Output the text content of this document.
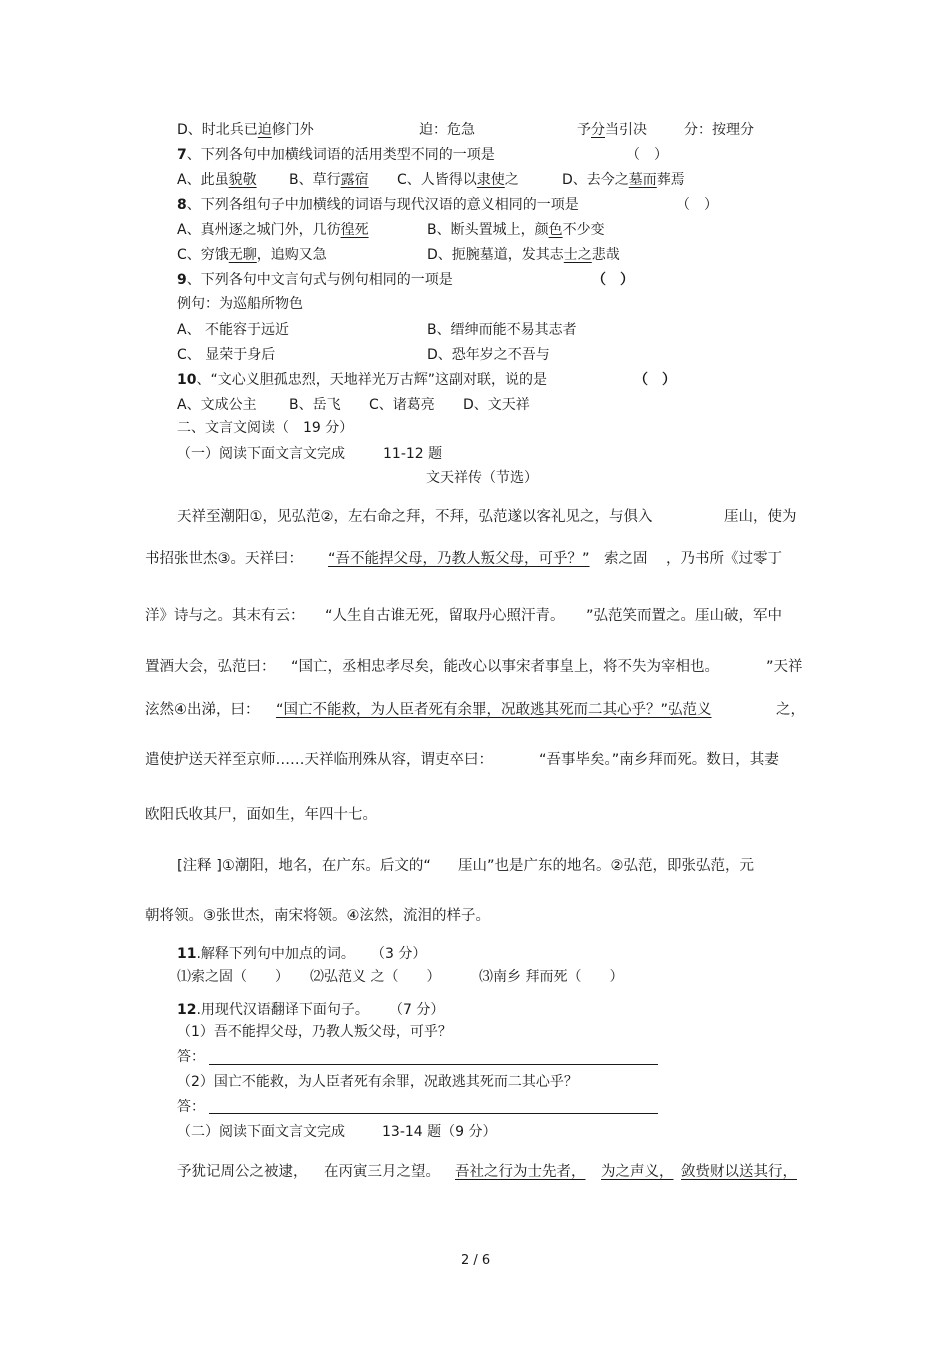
D、时北兵已迫修门外	迫：危急	予分当引决	分：按理分
7、下列各句中加横线词语的活用类型不同的一项是	（　）
A、此虽貌敬 B、草行露宿 C、人皆得以隶使之	D、去今之墓而葬焉
8、下列各组句子中加横线的词语与现代汉语的意义相同的一项是	（　）
A、真州逐之城门外，几彷徨死	B、断头置城上，颜色不少变
C、穷饿无聊，追购又急	D、扼腕墓道，发其志士之悲哉
9、下列各句中文言句式与例句相同的一项是	（　）
例句：为巡船所物色
A、 不能容于远近	B、缙绅而能不易其志者
C、 显荣于身后	D、恐年岁之不吾与
10、“文心义胆孤忠烈，天地祥光万古辉”这副对联，说的是	（　）
A、文成公主 B、岳飞 C、诸葛亮 D、文天祥
二、文言文阅读（　19 分）
（一）阅读下面文言文完成	11-12 题
文天祥传（节选）
天祥至潮阳①，见弘范②，左右命之拜，不拜，弘范遂以客礼见之，与俱入	厓山，使为
书招张世杰③。天祥曰： “吾不能捍父母，乃教人叛父母，可乎？” 索之固 ，乃书所《过零丁
洋》诗与之。其末有云： “人生自古谁无死，留取丹心照汗青。 ”弘范笑而置之。厓山破，军中
置酒大会，弘范曰： “国亡，丞相忠孝尽矣，能改心以事宋者事皇上，将不失为宰相也。	”天祥
泫然④出涕，曰： “国亡不能救，为人臣者死有余罪，况敢逃其死而二其心乎？”弘范义	之，
遣使护送天祥至京师……天祥临刑殊从容，谓吏卒曰：	“吾事毕矣。”南乡拜而死。数日，其妻
欧阳氏收其尸，面如生，年四十七。
[注释 ]①潮阳，地名，在广东。后文的“ 厓山”也是广东的地名。②弘范，即张弘范，元
朝将领。③张世杰，南宋将领。④泫然，流泪的样子。
11.解释下列句中加点的词。 （3 分）
⑴索之固（　　） ⑵弘范义 之（　　）	⑶南乡 拜而死（　　）
12.用现代汉语翻译下面句子。 （7 分）
（1）吾不能捍父母，乃教人叛父母，可乎？
答：
（2）国亡不能救，为人臣者死有余罪，况敢逃其死而二其心乎？
答：
（二）阅读下面文言文完成	13-14 题（9 分）
予犹记周公之被逮， 在丙寅三月之望。 吾社之行为士先者， 为之声义， 敛赀财以送其行，
2 / 6
